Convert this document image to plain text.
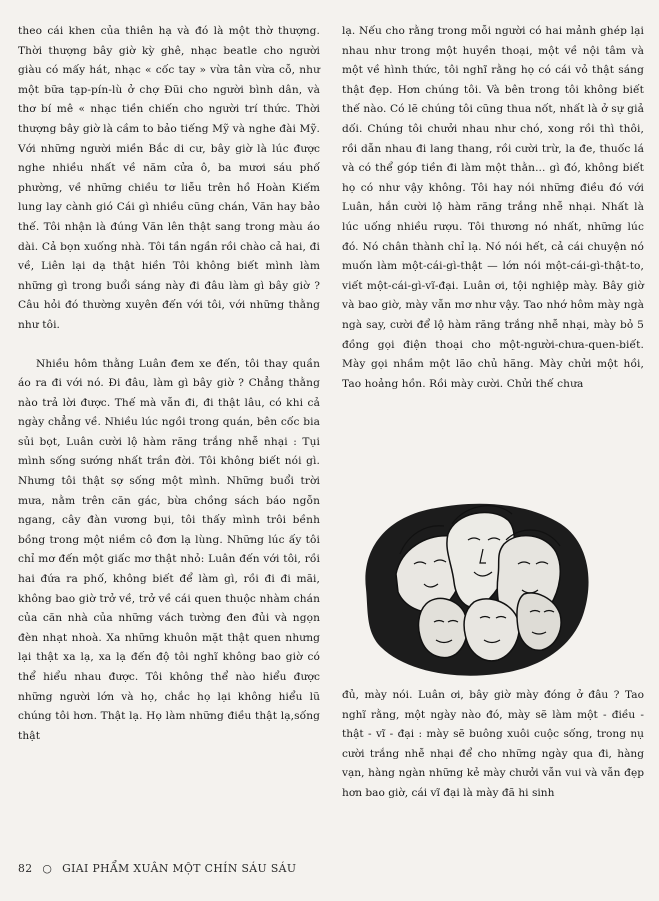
theo cái khen của thiên hạ và đó là một thờ thượng. Thời thượng bây giờ kỳ ghê, nhạc beatle cho người giàu có mấy hát, nhạc « cốc tay » vừa tân vừa cỗ, như một bữa tạp-pín-lù ở chợ Đũi cho người bình dân, và thơ bí mê « nhạc tiền chiến cho người trí thức. Thời thượng bây giờ là cầm to bảo tiếng Mỹ và nghe đài Mỹ. Với những người miền Bắc di cư, bây giờ là lúc được nghe nhiều nhất về năm cửa ô, ba mươi sáu phố phường, về những chiều tơ liễu trên hồ Hoàn Kiếm lung lay cành gió Cái gì nhiều cũng chán, Văn hay bảo thế. Tôi nhận là đúng Văn lên thật sang trong màu áo dài. Cả bọn xuống nhà. Tôi tần ngần rồi chào cả hai, đi về, Liên lại dạ thật hiền Tôi không biết mình làm những gì trong buổi sáng này đi đâu làm gì bây giờ ? Câu hỏi đó thường xuyên đến với tôi, với những thằng như tôi.

Nhiều hôm thằng Luân đem xe đến, tôi thay quần áo ra đi với nó. Đi đâu, làm gì bây giờ ? Chẳng thằng nào trả lời được. Thế mà vẫn đi, đi thật lâu, có khi cả ngày chẳng về. Nhiều lúc ngồi trong quán, bên cốc bia sủi bọt, Luân cười lộ hàm răng trắng nhễ nhại : Tụi mình sống sướng nhất trần đời. Tôi không biết nói gì. Nhưng tôi thật sợ sống một mình. Những buổi trời mưa, nằm trên căn gác, bừa chồng sách báo ngỗn ngang, cây đàn vương bụi, tôi thấy mình trôi bềnh bồng trong một niềm cô đơn lạ lùng. Những lúc ấy tôi chỉ mơ đến một giấc mơ thật nhỏ: Luân đến với tôi, rồi hai đứa ra phố, không biết để làm gì, rồi đi đi mãi, không bao giờ trở về, trở về cái quen thuộc nhàm chán của căn nhà của những vách tường đen đủi và ngọn đèn nhạt nhoà. Xa những khuôn mặt thật quen nhưng lại thật xa lạ, xa lạ đến độ tôi nghĩ không bao giờ có thể hiểu nhau được. Tôi không thể nào hiểu được những người lớn và họ, chắc họ lại không hiểu lũ chúng tôi hơn. Thật lạ. Họ làm những điều thật lạ,sống thật

lạ. Nếu cho rằng trong mỗi người có hai mảnh ghép lại nhau như trong một huyền thoại, một về nội tâm và một về hình thức, tôi nghĩ rằng họ có cái vỏ thật sáng thật đẹp. Hơn chúng tôi. Và bên trong tôi không biết thế nào. Có lẽ chúng tôi cũng thua nốt, nhất là ở sự giả dối. Chúng tôi chưởi nhau như chó, xong rồi thì thôi, rồi dẫn nhau đi lang thang, rồi cười trừ, la đe, thuốc lá và có thể góp tiền đi làm một thằn... gì đó, không biết họ có như vậy không. Tôi hay nói những điều đó với Luân, hắn cười lộ hàm răng trắng nhễ nhại. Nhất là lúc uống nhiều rượu. Tôi thương nó nhất, những lúc đó. Nó chân thành chỉ lạ. Nó nói hết, cả cái chuyện nó muốn làm một-cái-gì-thật — lớn nói một-cái-gì-thật-to, viết một-cái-gì-vĩ-đại. Luân ơi, tội nghiệp mày. Bây giờ và bao giờ, mày vẫn mơ như vậy. Tao nhớ hôm mày ngà ngà say, cười để lộ hàm răng trắng nhễ nhại, mày bỏ 5 đồng gọi điện thoại cho một-người-chưa-quen-biết. Mày gọi nhầm một lão chủ hãng. Mày chửi một hồi, Tao hoảng hồn. Rồi mày cười. Chửi thế chưa

đủ, mày nói. Luân ơi, bây giờ mày đóng ở đâu ? Tao nghĩ rằng, một ngày nào đó, mày sẽ làm một - điều - thật - vĩ - đại : mày sẽ buông xuôi cuộc sống, trong nụ cười trắng nhễ nhại để cho những ngày qua đi, hàng vạn, hàng ngàn những kẻ mày chưởi vẫn vui và vẫn đẹp hơn bao giờ, cái vĩ đại là mày đã hi sinh

82 ○ GIAI PHẨM XUÂN MỘT CHÍN SÁU SÁU
